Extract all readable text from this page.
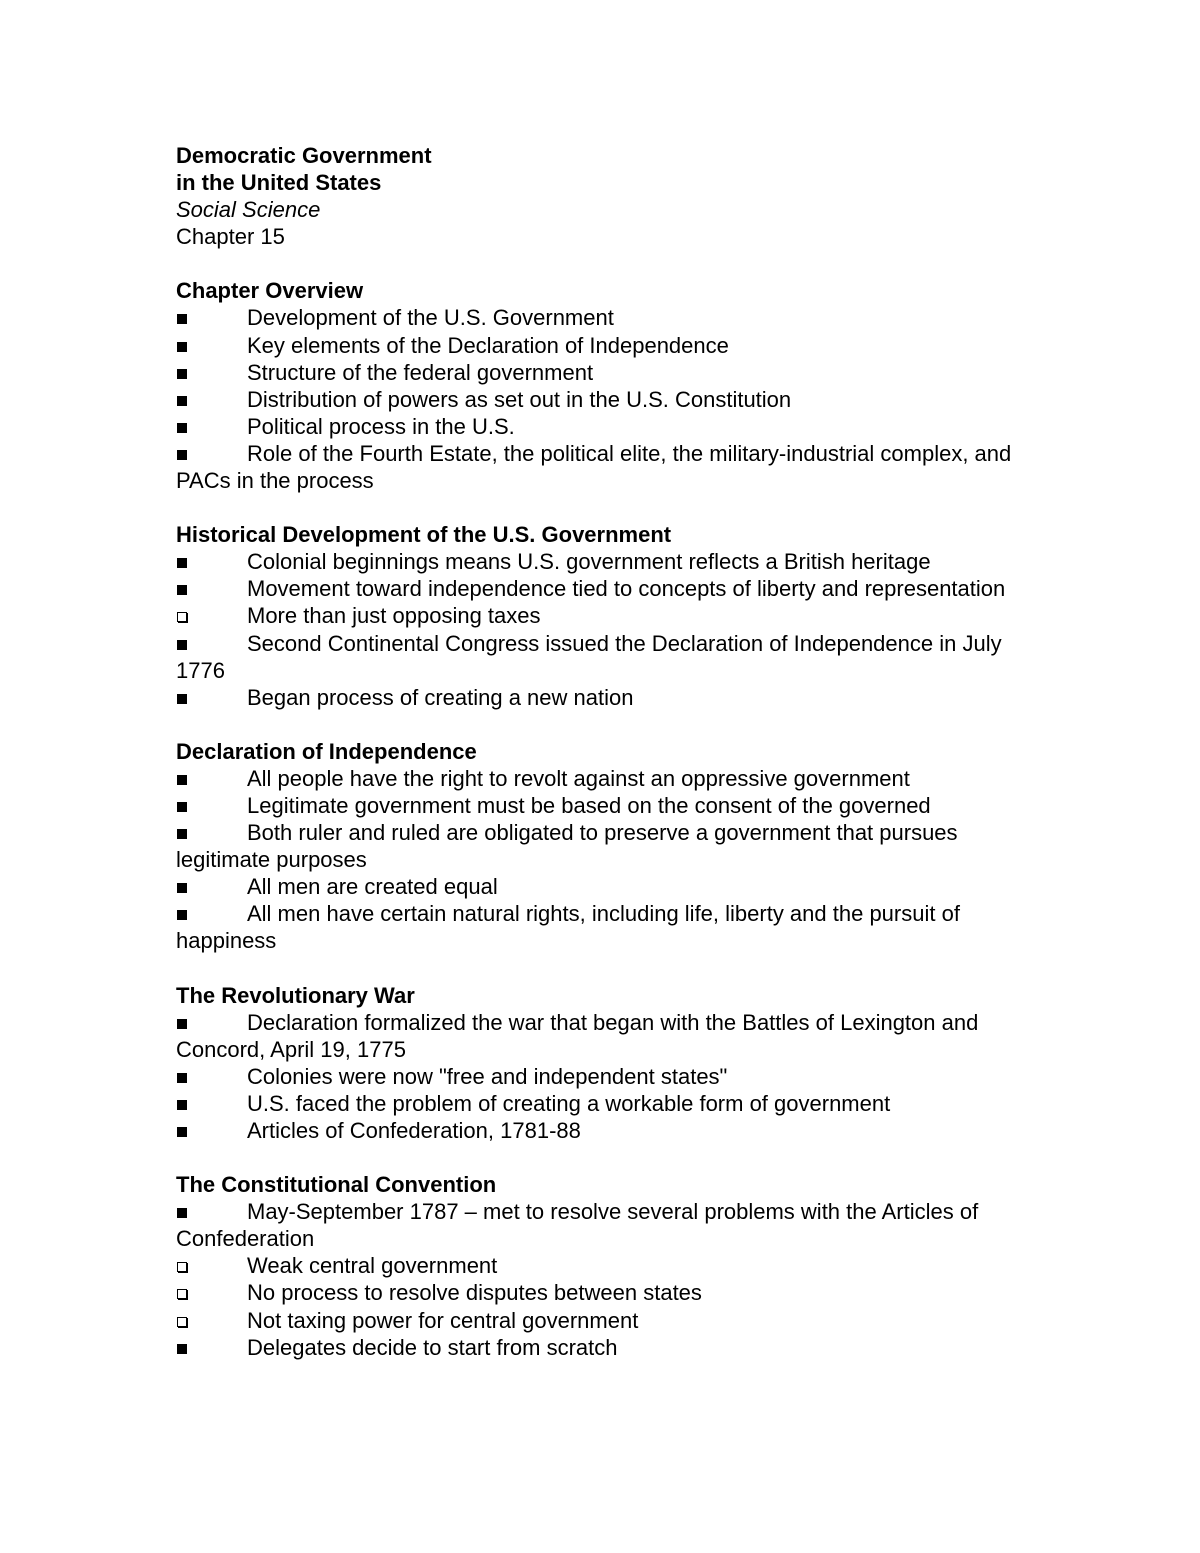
Democratic Government

in the United States

Social Science

Chapter 15

Chapter Overview

Development of the U.S. Government

Key elements of the Declaration of Independence

Structure of the federal government

Distribution of powers as set out in the U.S. Constitution

Political process in the U.S.

Role of the Fourth Estate, the political elite, the military-industrial complex, and PACs in the process

Historical Development of the U.S. Government

Colonial beginnings means U.S. government reflects a British heritage

Movement toward independence tied to concepts of liberty and representation

More than just opposing taxes

Second Continental Congress issued the Declaration of Independence in July 1776

Began process of creating a new nation

Declaration of Independence

All people have the right to revolt against an oppressive government

Legitimate government must be based on the consent of the governed

Both ruler and ruled are obligated to preserve a government that pursues legitimate purposes

All men are created equal

All men have certain natural rights, including life, liberty and the pursuit of happiness

The Revolutionary War

Declaration formalized the war that began with the Battles of Lexington and Concord, April 19, 1775

Colonies were now "free and independent states"

U.S. faced the problem of creating a workable form of government

Articles of Confederation, 1781-88

The Constitutional Convention

May-September 1787 – met to resolve several problems with the Articles of Confederation

Weak central government

No process to resolve disputes between states

Not taxing power for central government

Delegates decide to start from scratch
